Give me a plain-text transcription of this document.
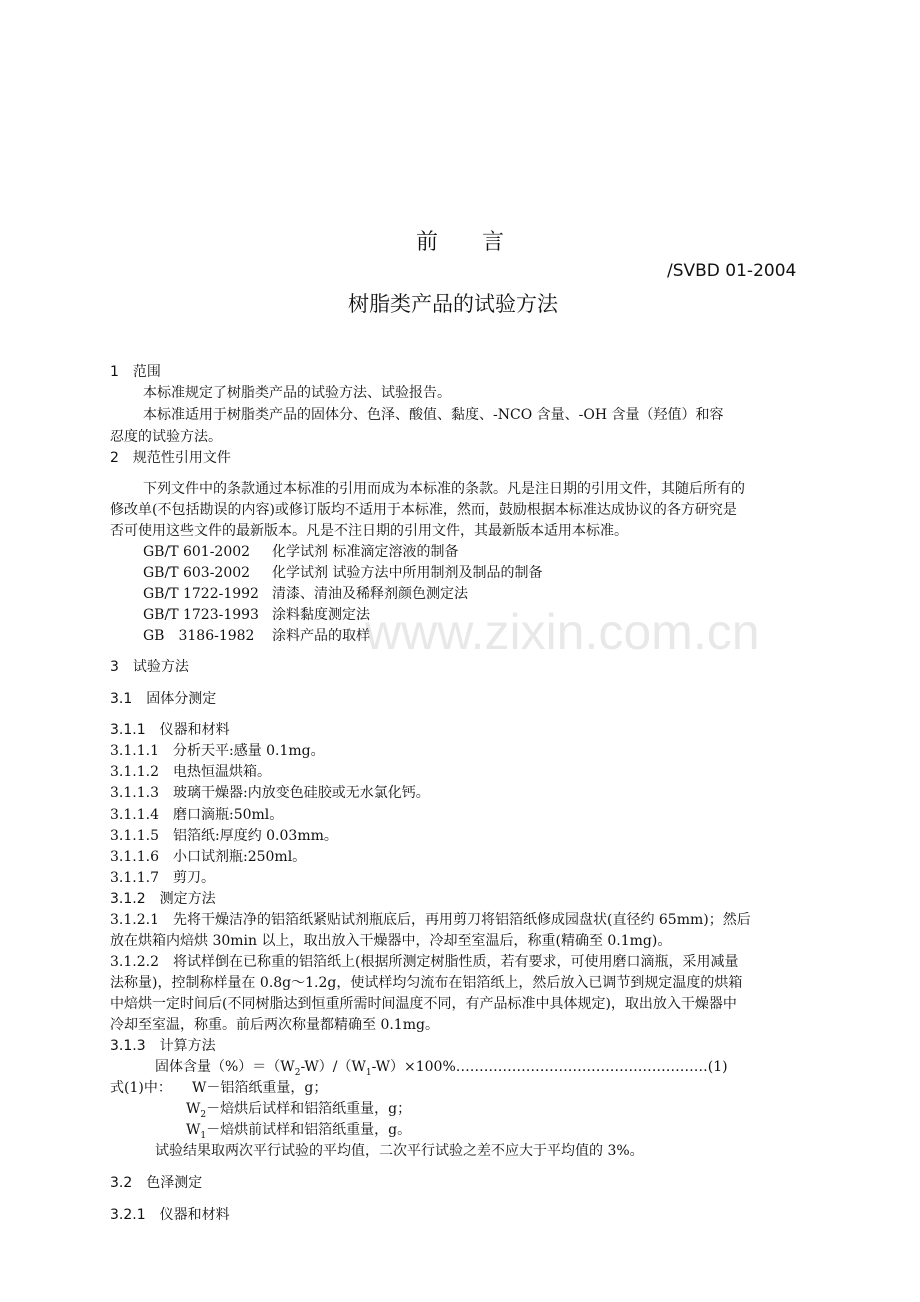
www.zixin.com.cn
前　　言
/SVBD 01-2004
树脂类产品的试验方法
1　范围
本标准规定了树脂类产品的试验方法、试验报告。
本标准适用于树脂类产品的固体分、色泽、酸值、黏度、-NCO 含量、-OH 含量（羟值）和容
忍度的试验方法。
2　规范性引用文件
下列文件中的条款通过本标准的引用而成为本标准的条款。凡是注日期的引用文件，其随后所有的
修改单(不包括勘误的内容)或修订版均不适用于本标准，然而，鼓励根据本标准达成协议的各方研究是
否可使用这些文件的最新版本。凡是不注日期的引用文件，其最新版本适用本标准。
GB/T 601-2002 化学试剂 标准滴定溶液的制备
GB/T 603-2002 化学试剂 试验方法中所用制剂及制品的制备
GB/T 1722-1992 清漆、清油及稀释剂颜色测定法
GB/T 1723-1993 涂料黏度测定法
GB　3186-1982 涂料产品的取样
3　试验方法
3.1　固体分测定
3.1.1　仪器和材料
3.1.1.1　分析天平:感量 0.1mg。
3.1.1.2　电热恒温烘箱。
3.1.1.3　玻璃干燥器:内放变色硅胶或无水氯化钙。
3.1.1.4　磨口滴瓶:50ml。
3.1.1.5　铝箔纸:厚度约 0.03mm。
3.1.1.6　小口试剂瓶:250ml。
3.1.1.7　剪刀。
3.1.2　测定方法
3.1.2.1　先将干燥洁净的铝箔纸紧贴试剂瓶底后，再用剪刀将铝箔纸修成园盘状(直径约 65mm)；然后
放在烘箱内焙烘 30min 以上，取出放入干燥器中，冷却至室温后，称重(精确至 0.1mg)。
3.1.2.2　将试样倒在已称重的铝箔纸上(根据所测定树脂性质，若有要求，可使用磨口滴瓶，采用减量
法称量)，控制称样量在 0.8g～1.2g，使试样均匀流布在铝箔纸上，然后放入已调节到规定温度的烘箱
中焙烘一定时间后(不同树脂达到恒重所需时间温度不同，有产品标准中具体规定)，取出放入干燥器中
冷却至室温，称重。前后两次称量都精确至 0.1mg。
3.1.3　计算方法
固体含量$(\%)=(W_2-W)/(W_1-W)\times 100\%\dots\dots\dots\dots\dots\dots\dots\dots\dots\dots\dots\dots\dots\dots\dots\dots\dots\dots(1)$
式(1)中： W－铝箔纸重量，g；
$W_2-$焙烘后试样和铝箔纸重量，g；
$W_1-$焙烘前试样和铝箔纸重量，g。
试验结果取两次平行试验的平均值，二次平行试验之差不应大于平均值的 3%。
3.2　色泽测定
3.2.1　仪器和材料
